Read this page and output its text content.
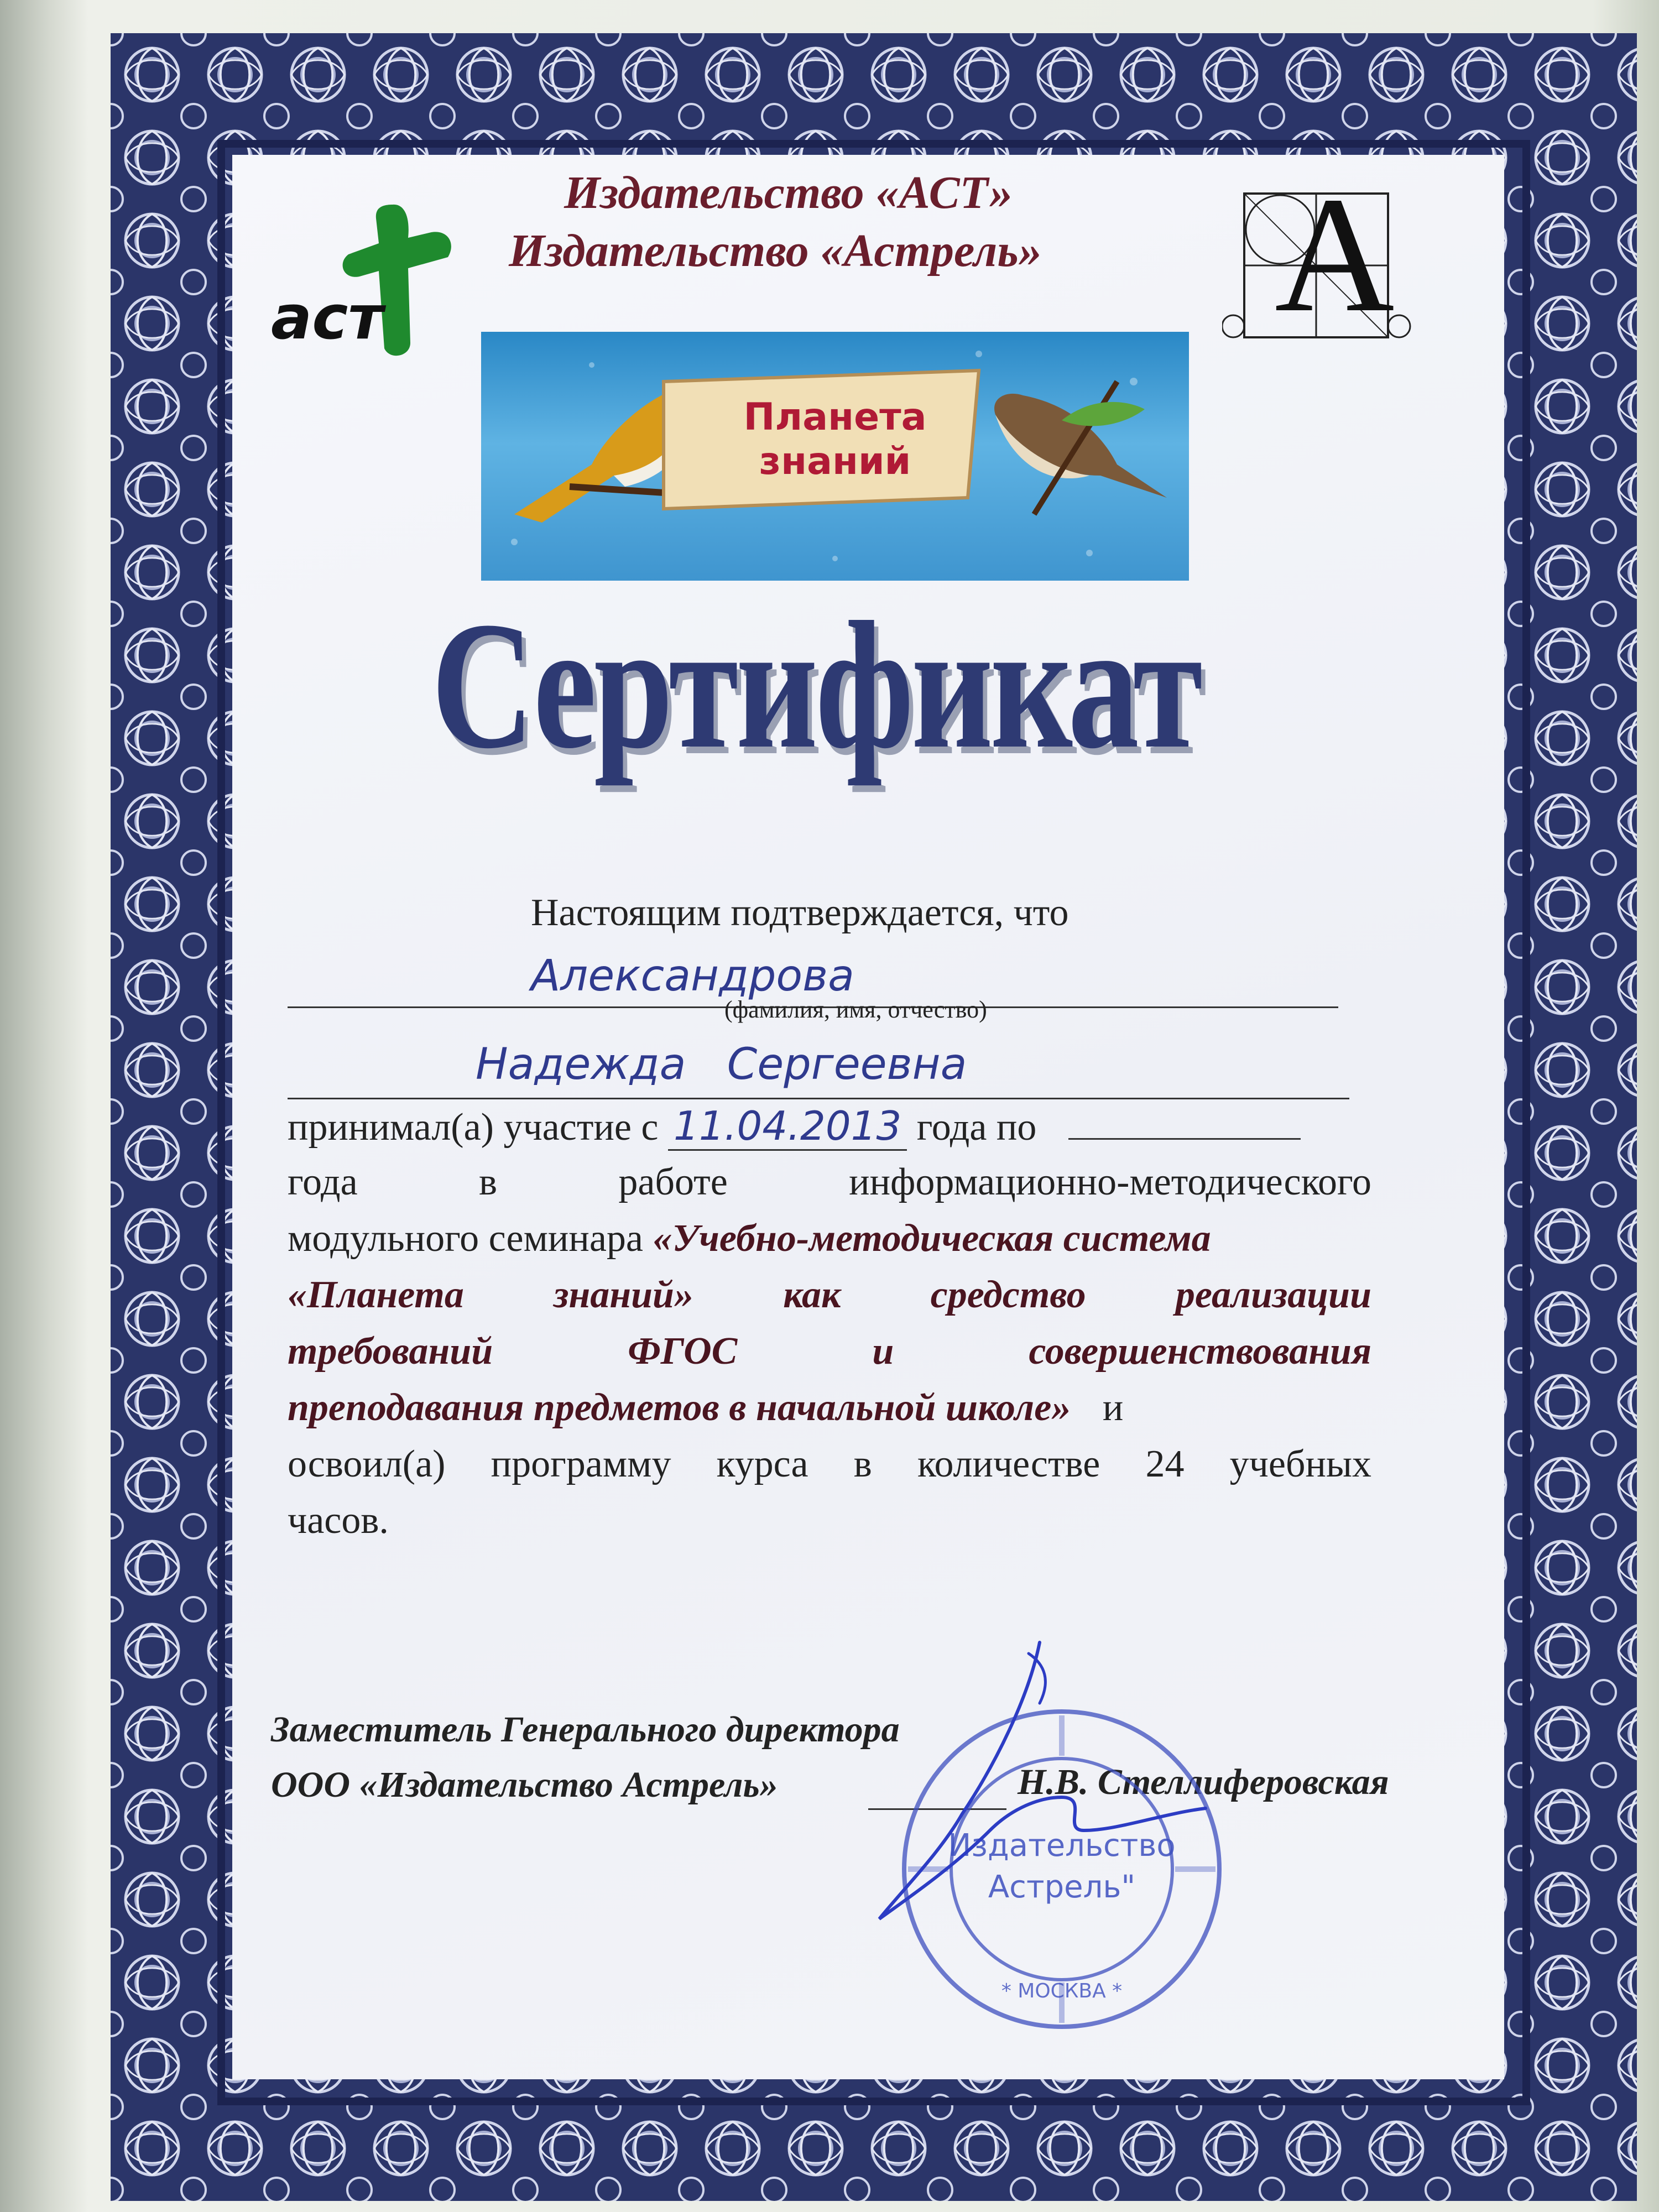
аст
Издательство «АСТ»
Издательство «Астрель» А
Планета
знаний
Сертификат
Настоящим подтверждается, что
Александрова
(фамилия, имя, отчество)
Надежда   Сергеевна
принимал(а) участие с 11.04.2013 года по
года в работе информационно-методического
модульного семинара «Учебно-методическая система
«Планета знаний» как средство реализации
требований ФГОС и совершенствования
преподавания предметов в начальной школе» и
освоил(а) программу курса в количестве 24 учебных
часов.
Заместитель Генерального директора
ООО «Издательство Астрель»	Н.В. Стеллиферовская
Издательство
Астрель"
* МОСКВА *
